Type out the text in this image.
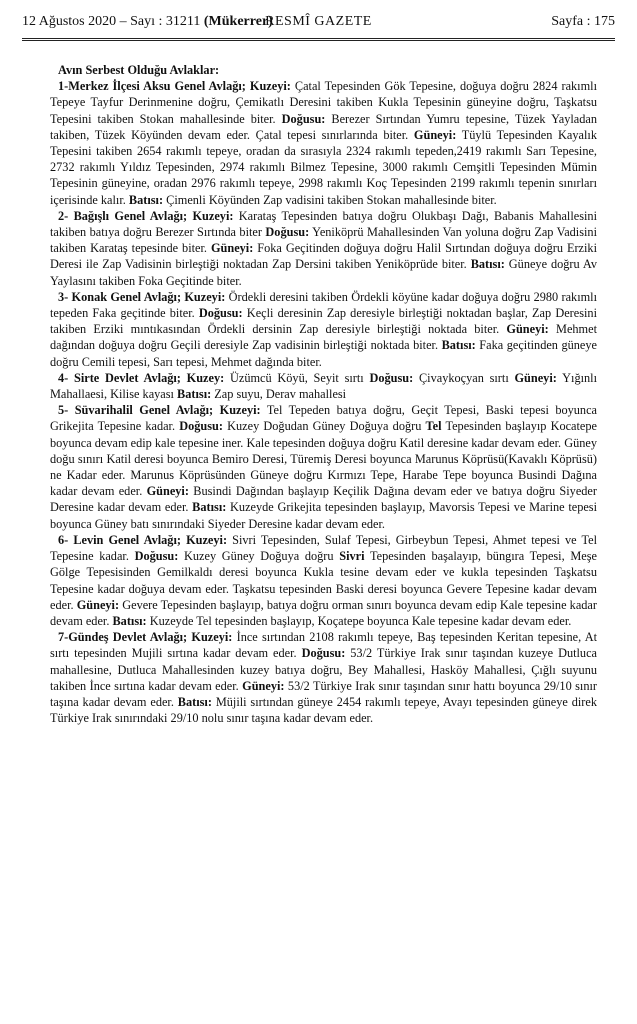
12 Ağustos 2020 – Sayı : 31211 (Mükerrer)
RESMÎ GAZETE	Sayfa : 175

Avın Serbest Olduğu Avlaklar:

1-Merkez İlçesi Aksu Genel Avlağı; Kuzeyi: Çatal Tepesinden Gök Tepesine, doğuya doğru 2824 rakımlı Tepeye Tayfur Derinmenine doğru, Çemikatlı Deresini takiben Kukla Tepesinin güneyine doğru, Taşkatsu Tepesini takiben Stokan mahallesinde biter. Doğusu: Berezer Sırtından Yumru tepesine, Tüzek Yayladan takiben, Tüzek Köyünden devam eder. Çatal tepesi sınırlarında biter. Güneyi: Tüylü Tepesinden Kayalık Tepesini takiben 2654 rakımlı tepeye, oradan da sırasıyla 2324 rakımlı tepeden,2419 rakımlı Sarı Tepesine, 2732 rakımlı Yıldız Tepesinden, 2974 rakımlı Bilmez Tepesine, 3000 rakımlı Cemşitli Tepesinden Mümin Tepesinin güneyine, oradan 2976 rakımlı tepeye, 2998 rakımlı Koç Tepesinden 2199 rakımlı tepenin sınırları içerisinde kalır. Batısı: Çimenli Köyünden Zap vadisini takiben Stokan mahallesinde biter.

2- Bağışlı Genel Avlağı; Kuzeyi: Karataş Tepesinden batıya doğru Olukbaşı Dağı, Babanis Mahallesini takiben batıya doğru Berezer Sırtında biter Doğusu: Yeniköprü Mahallesinden Van yoluna doğru Zap Vadisini takiben Karataş tepesinde biter. Güneyi: Foka Geçitinden doğuya doğru Halil Sırtından doğuya doğru Erziki Deresi ile Zap Vadisinin birleştiği noktadan Zap Dersini takiben Yeniköprüde biter. Batısı: Güneye doğru Av Yaylasını takiben Foka Geçitinde biter.

3- Konak Genel Avlağı; Kuzeyi: Ördekli deresini takiben Ördekli köyüne kadar doğuya doğru 2980 rakımlı tepeden Faka geçitinde biter. Doğusu: Keçli deresinin Zap deresiyle birleştiği noktadan başlar, Zap Deresini takiben Erziki mıntıkasından Ördekli dersinin Zap deresiyle birleştiği noktada biter. Güneyi: Mehmet dağından doğuya doğru Geçili deresiyle Zap vadisinin birleştiği noktada biter. Batısı: Faka geçitinden güneye doğru Cemili tepesi, Sarı tepesi, Mehmet dağında biter.

4- Sirte Devlet Avlağı; Kuzey: Üzümcü Köyü, Seyit sırtı Doğusu: Çivaykoçyan sırtı Güneyi: Yığınlı Mahallaesi, Kilise kayası Batısı: Zap suyu, Derav mahallesi

5- Süvarihalil Genel Avlağı; Kuzeyi: Tel Tepeden batıya doğru, Geçit Tepesi, Baski tepesi boyunca Grikejita Tepesine kadar. Doğusu: Kuzey Doğudan Güney Doğuya doğru Tel Tepesinden başlayıp Kocatepe boyunca devam edip kale tepesine iner. Kale tepesinden doğuya doğru Katil deresine kadar devam eder. Güney doğu sınırı Katil deresi boyunca Bemiro Deresi, Türemiş Deresi boyunca Marunus Köprüsü(Kavaklı Köprüsü) ne Kadar eder. Marunus Köprüsünden Güneye doğru Kırmızı Tepe, Harabe Tepe boyunca Busindi Dağına kadar devam eder. Güneyi: Busindi Dağından başlayıp Keçilik Dağına devam eder ve batıya doğru Siyeder Deresine kadar devam eder. Batısı: Kuzeyde Grikejita tepesinden başlayıp, Mavorsis Tepesi ve Marine tepesi boyunca Güney batı sınırındaki Siyeder Deresine kadar devam eder.

6- Levin Genel Avlağı; Kuzeyi: Sivri Tepesinden, Sulaf Tepesi, Girbeybun Tepesi, Ahmet tepesi ve Tel Tepesine kadar. Doğusu: Kuzey Güney Doğuya doğru Sivri Tepesinden başalayıp, büngıra Tepesi, Meşe Gölge Tepesisinden Gemilkaldı deresi boyunca Kukla tesine devam eder ve kukla tepesinden Taşkatsu Tepesine kadar doğuya devam eder. Taşkatsu tepesinden Baski deresi boyunca Gevere Tepesine kadar devam eder. Güneyi: Gevere Tepesinden başlayıp, batıya doğru orman sınırı boyunca devam edip Kale tepesine kadar devam eder. Batısı: Kuzeyde Tel tepesinden başlayıp, Koçatepe boyunca Kale tepesine kadar devam eder.

7-Gündeş Devlet Avlağı; Kuzeyi: İnce sırtından 2108 rakımlı tepeye, Baş tepesinden Keritan tepesine, At sırtı tepesinden Mujili sırtına kadar devam eder. Doğusu: 53/2 Türkiye Irak sınır taşından kuzeye Dutluca mahallesine, Dutluca Mahallesinden kuzey batıya doğru, Bey Mahallesi, Hasköy Mahallesi, Çığlı suyunu takiben İnce sırtına kadar devam eder. Güneyi: 53/2 Türkiye Irak sınır taşından sınır hattı boyunca 29/10 sınır taşına kadar devam eder. Batısı: Müjili sırtından güneye 2454 rakımlı tepeye, Avayı tepesinden güneye direk Türkiye Irak sınırındaki 29/10 nolu sınır taşına kadar devam eder.
